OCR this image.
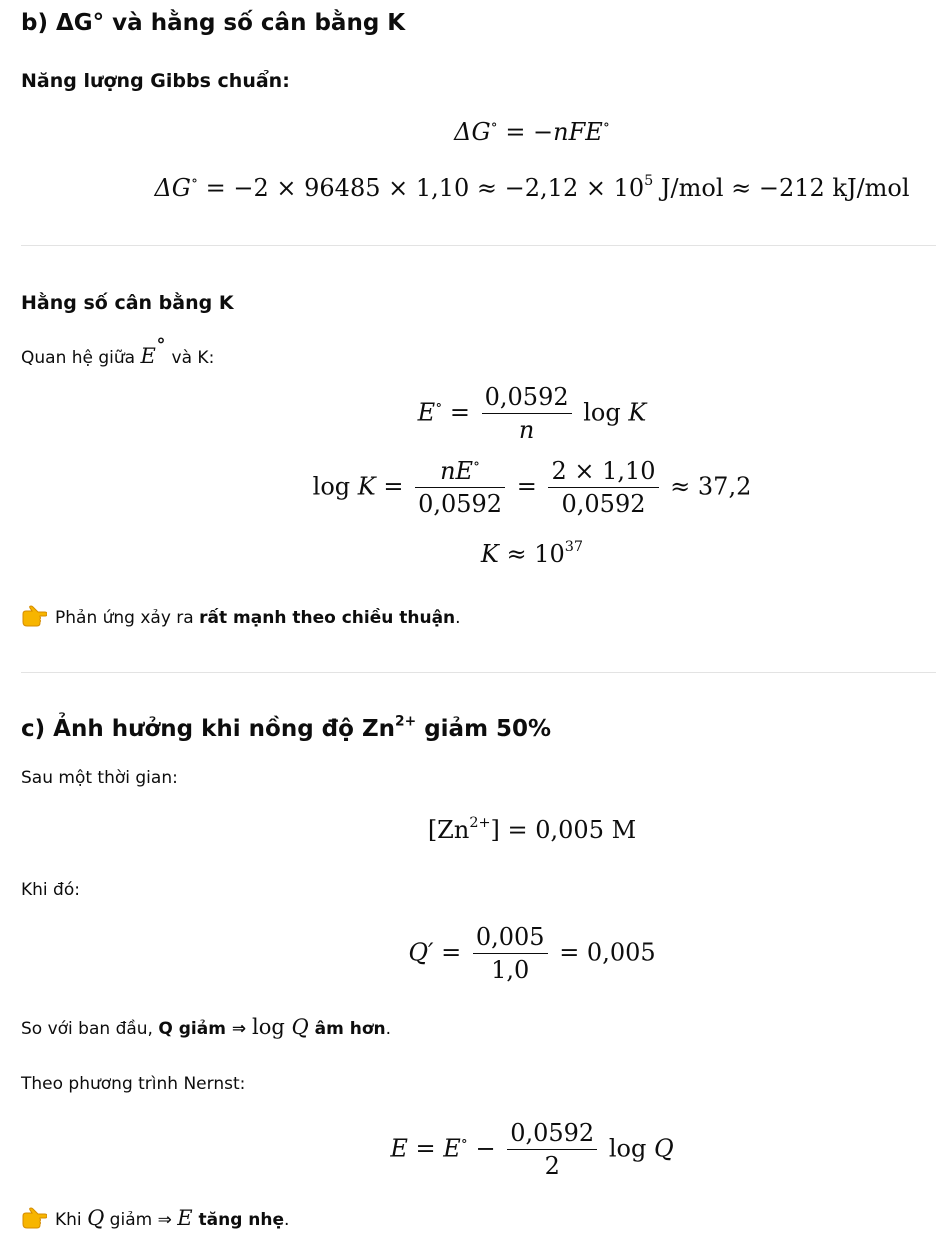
b) ΔG° và hằng số cân bằng K
Năng lượng Gibbs chuẩn:
ΔG∘ = −nFE∘
$\Delta G^\circ = -2 \times 96485 \times 1,10 \approx -2,12 \times 10^5$ J/mol ≈ −212 kJ/mol
Hằng số cân bằng K
Quan hệ giữa E∘ và K:
$E^\circ = \frac{0,0592}{n}$ log K
$\log K = \frac{nE^\circ}{0,0592} = \frac{2 \times 1,10}{0,0592} \approx 37,2$
$K \approx 10^{37}$
Phản ứng xảy ra rất mạnh theo chiều thuận.
c) Ảnh hưởng khi nồng độ $Zn^{2+}$ giảm 50%
Sau một thời gian:
$[Zn^{2+}] = 0,005$ M
Khi đó:
$Q' = \frac{0,005}{1,0} = 0,005$
So với ban đầu, Q giảm ⇒ log Q âm hơn.
Theo phương trình Nernst:
$E = E^\circ - \frac{0,0592}{2}$ log Q
Khi Q giảm ⇒ E tăng nhẹ.
